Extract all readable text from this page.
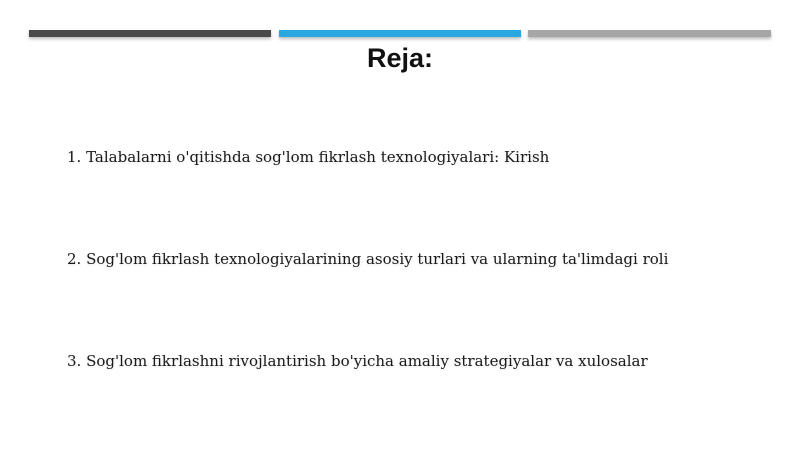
Reja:
1. Talabalarni o'qitishda sog'lom fikrlash texnologiyalari: Kirish
2. Sog'lom fikrlash texnologiyalarining asosiy turlari va ularning ta'limdagi roli
3. Sog'lom fikrlashni rivojlantirish bo'yicha amaliy strategiyalar va xulosalar
